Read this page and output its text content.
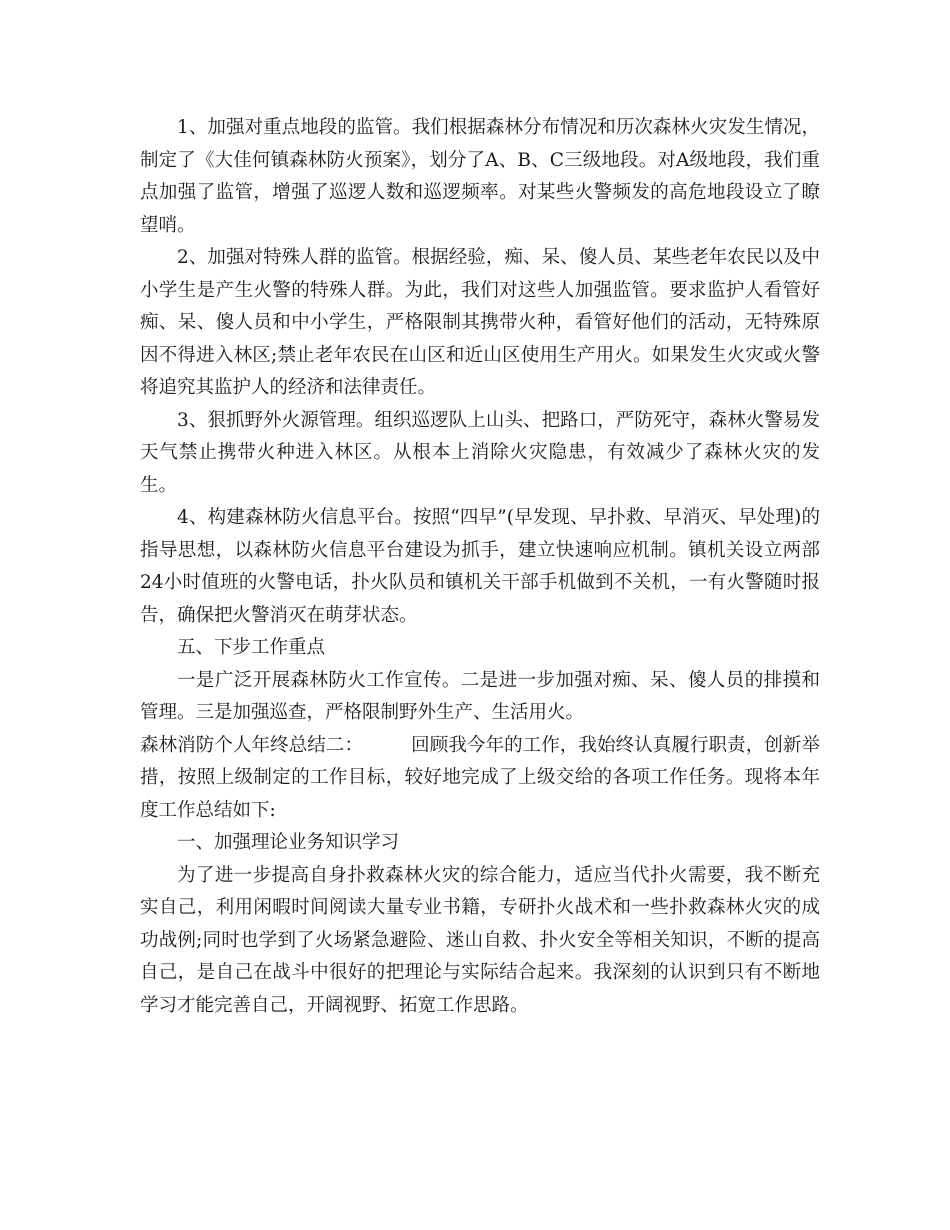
1、加强对重点地段的监管。我们根据森林分布情况和历次森林火灾发生情况，制定了《大佳何镇森林防火预案》，划分了A、B、C三级地段。对A级地段，我们重点加强了监管，增强了巡逻人数和巡逻频率。对某些火警频发的高危地段设立了瞭望哨。

2、加强对特殊人群的监管。根据经验，痴、呆、傻人员、某些老年农民以及中小学生是产生火警的特殊人群。为此，我们对这些人加强监管。要求监护人看管好痴、呆、傻人员和中小学生，严格限制其携带火种，看管好他们的活动，无特殊原因不得进入林区;禁止老年农民在山区和近山区使用生产用火。如果发生火灾或火警将追究其监护人的经济和法律责任。

3、狠抓野外火源管理。组织巡逻队上山头、把路口，严防死守，森林火警易发天气禁止携带火种进入林区。从根本上消除火灾隐患，有效减少了森林火灾的发生。

4、构建森林防火信息平台。按照“四早”(早发现、早扑救、早消灭、早处理)的指导思想，以森林防火信息平台建设为抓手，建立快速响应机制。镇机关设立两部24小时值班的火警电话，扑火队员和镇机关干部手机做到不关机，一有火警随时报告，确保把火警消灭在萌芽状态。

五、下步工作重点

一是广泛开展森林防火工作宣传。二是进一步加强对痴、呆、傻人员的排摸和管理。三是加强巡查，严格限制野外生产、生活用火。

森林消防个人年终总结二：	回顾我今年的工作，我始终认真履行职责，创新举措，按照上级制定的工作目标，较好地完成了上级交给的各项工作任务。现将本年度工作总结如下:

一、加强理论业务知识学习

为了进一步提高自身扑救森林火灾的综合能力，适应当代扑火需要，我不断充实自己，利用闲暇时间阅读大量专业书籍，专研扑火战术和一些扑救森林火灾的成功战例;同时也学到了火场紧急避险、迷山自救、扑火安全等相关知识，不断的提高自己，是自己在战斗中很好的把理论与实际结合起来。我深刻的认识到只有不断地学习才能完善自己，开阔视野、拓宽工作思路。
